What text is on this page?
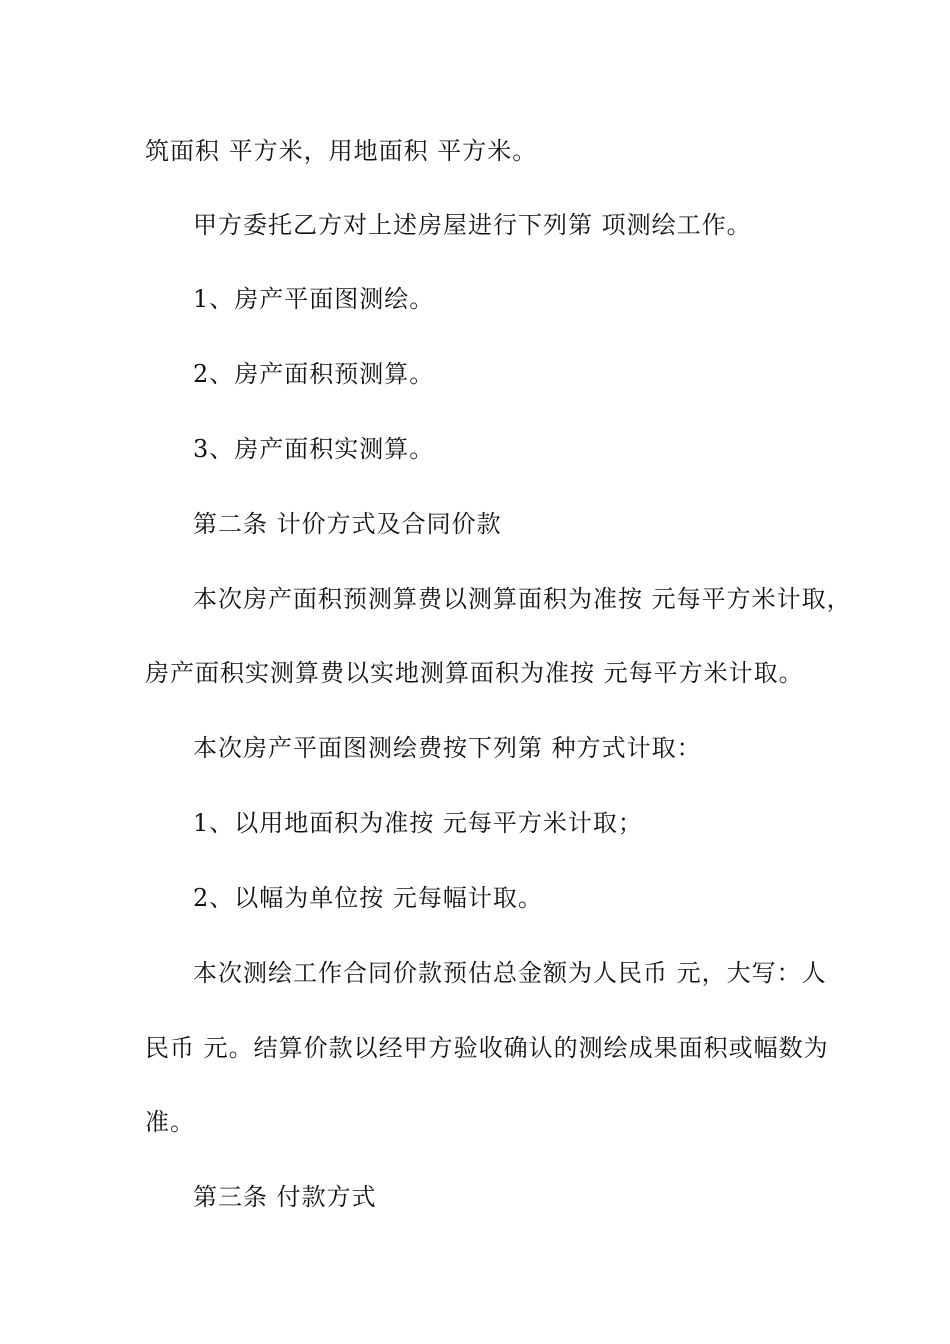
筑面积 平方米，用地面积 平方米。
甲方委托乙方对上述房屋进行下列第 项测绘工作。
1、房产平面图测绘。
2、房产面积预测算。
3、房产面积实测算。
第二条 计价方式及合同价款
本次房产面积预测算费以测算面积为准按 元每平方米计取，
房产面积实测算费以实地测算面积为准按 元每平方米计取。
本次房产平面图测绘费按下列第 种方式计取：
1、以用地面积为准按 元每平方米计取；
2、以幅为单位按 元每幅计取。
本次测绘工作合同价款预估总金额为人民币 元，大写：人
民币 元。结算价款以经甲方验收确认的测绘成果面积或幅数为
准。
第三条 付款方式
